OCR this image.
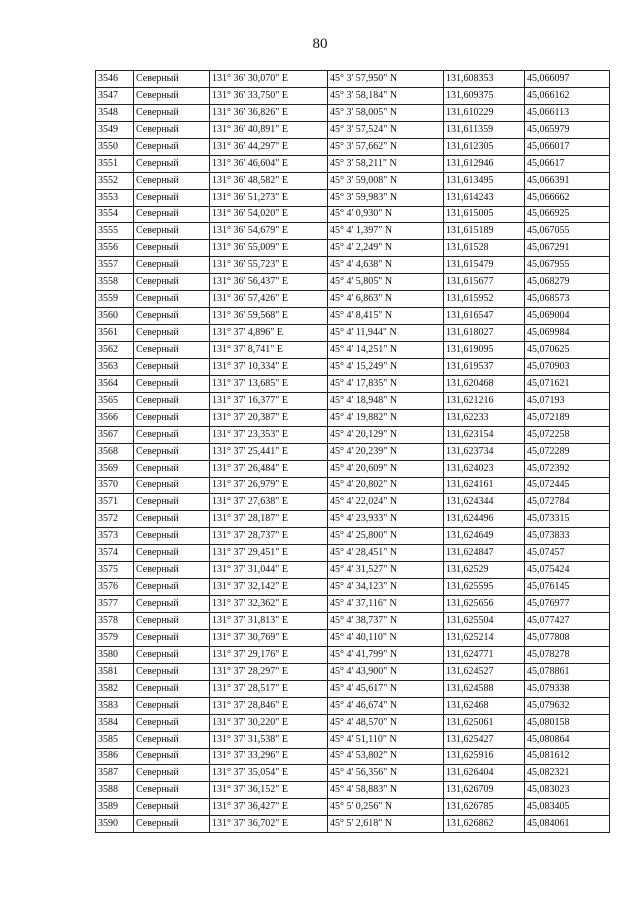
80
3546	Северный	131° 36' 30,070" E	45° 3' 57,950" N	131,608353	45,066097
3547	Северный	131° 36' 33,750" E	45° 3' 58,184" N	131,609375	45,066162
3548	Северный	131° 36' 36,826" E	45° 3' 58,005" N	131,610229	45,066113
3549	Северный	131° 36' 40,891" E	45° 3' 57,524" N	131,611359	45,065979
3550	Северный	131° 36' 44,297" E	45° 3' 57,662" N	131,612305	45,066017
3551	Северный	131° 36' 46,604" E	45° 3' 58,211" N	131,612946	45,06617
3552	Северный	131° 36' 48,582" E	45° 3' 59,008" N	131,613495	45,066391
3553	Северный	131° 36' 51,273" E	45° 3' 59,983" N	131,614243	45,066662
3554	Северный	131° 36' 54,020" E	45° 4' 0,930" N	131,615005	45,066925
3555	Северный	131° 36' 54,679" E	45° 4' 1,397" N	131,615189	45,067055
3556	Северный	131° 36' 55,009" E	45° 4' 2,249" N	131,61528	45,067291
3557	Северный	131° 36' 55,723" E	45° 4' 4,638" N	131,615479	45,067955
3558	Северный	131° 36' 56,437" E	45° 4' 5,805" N	131,615677	45,068279
3559	Северный	131° 36' 57,426" E	45° 4' 6,863" N	131,615952	45,068573
3560	Северный	131° 36' 59,568" E	45° 4' 8,415" N	131,616547	45,069004
3561	Северный	131° 37' 4,896" E	45° 4' 11,944" N	131,618027	45,069984
3562	Северный	131° 37' 8,741" E	45° 4' 14,251" N	131,619095	45,070625
3563	Северный	131° 37' 10,334" E	45° 4' 15,249" N	131,619537	45,070903
3564	Северный	131° 37' 13,685" E	45° 4' 17,835" N	131,620468	45,071621
3565	Северный	131° 37' 16,377" E	45° 4' 18,948" N	131,621216	45,07193
3566	Северный	131° 37' 20,387" E	45° 4' 19,882" N	131,62233	45,072189
3567	Северный	131° 37' 23,353" E	45° 4' 20,129" N	131,623154	45,072258
3568	Северный	131° 37' 25,441" E	45° 4' 20,239" N	131,623734	45,072289
3569	Северный	131° 37' 26,484" E	45° 4' 20,609" N	131,624023	45,072392
3570	Северный	131° 37' 26,979" E	45° 4' 20,802" N	131,624161	45,072445
3571	Северный	131° 37' 27,638" E	45° 4' 22,024" N	131,624344	45,072784
3572	Северный	131° 37' 28,187" E	45° 4' 23,933" N	131,624496	45,073315
3573	Северный	131° 37' 28,737" E	45° 4' 25,800" N	131,624649	45,073833
3574	Северный	131° 37' 29,451" E	45° 4' 28,451" N	131,624847	45,07457
3575	Северный	131° 37' 31,044" E	45° 4' 31,527" N	131,62529	45,075424
3576	Северный	131° 37' 32,142" E	45° 4' 34,123" N	131,625595	45,076145
3577	Северный	131° 37' 32,362" E	45° 4' 37,116" N	131,625656	45,076977
3578	Северный	131° 37' 31,813" E	45° 4' 38,737" N	131,625504	45,077427
3579	Северный	131° 37' 30,769" E	45° 4' 40,110" N	131,625214	45,077808
3580	Северный	131° 37' 29,176" E	45° 4' 41,799" N	131,624771	45,078278
3581	Северный	131° 37' 28,297" E	45° 4' 43,900" N	131,624527	45,078861
3582	Северный	131° 37' 28,517" E	45° 4' 45,617" N	131,624588	45,079338
3583	Северный	131° 37' 28,846" E	45° 4' 46,674" N	131,62468	45,079632
3584	Северный	131° 37' 30,220" E	45° 4' 48,570" N	131,625061	45,080158
3585	Северный	131° 37' 31,538" E	45° 4' 51,110" N	131,625427	45,080864
3586	Северный	131° 37' 33,296" E	45° 4' 53,802" N	131,625916	45,081612
3587	Северный	131° 37' 35,054" E	45° 4' 56,356" N	131,626404	45,082321
3588	Северный	131° 37' 36,152" E	45° 4' 58,883" N	131,626709	45,083023
3589	Северный	131° 37' 36,427" E	45° 5' 0,256" N	131,626785	45,083405
3590	Северный	131° 37' 36,702" E	45° 5' 2,618" N	131,626862	45,084061
